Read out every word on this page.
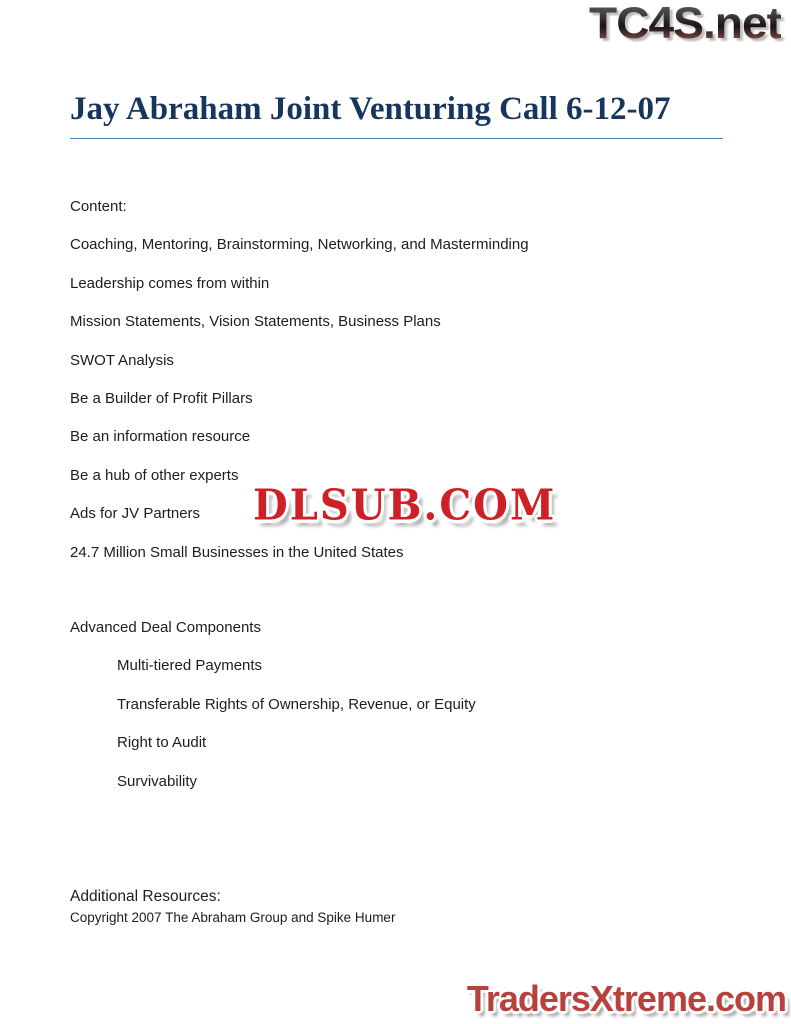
TC4S.net
Jay Abraham Joint Venturing Call 6-12-07
Content:
Coaching, Mentoring, Brainstorming, Networking, and Masterminding
Leadership comes from within
Mission Statements, Vision Statements, Business Plans
SWOT Analysis
Be a Builder of Profit Pillars
Be an information resource
Be a hub of other experts
Ads for JV Partners
24.7 Million Small Businesses in the United States
DLSUB.COM
Advanced Deal Components
Multi-tiered Payments
Transferable Rights of Ownership, Revenue, or Equity
Right to Audit
Survivability
Additional Resources:
Copyright 2007 The Abraham Group and Spike Humer
TradersXtreme.com
